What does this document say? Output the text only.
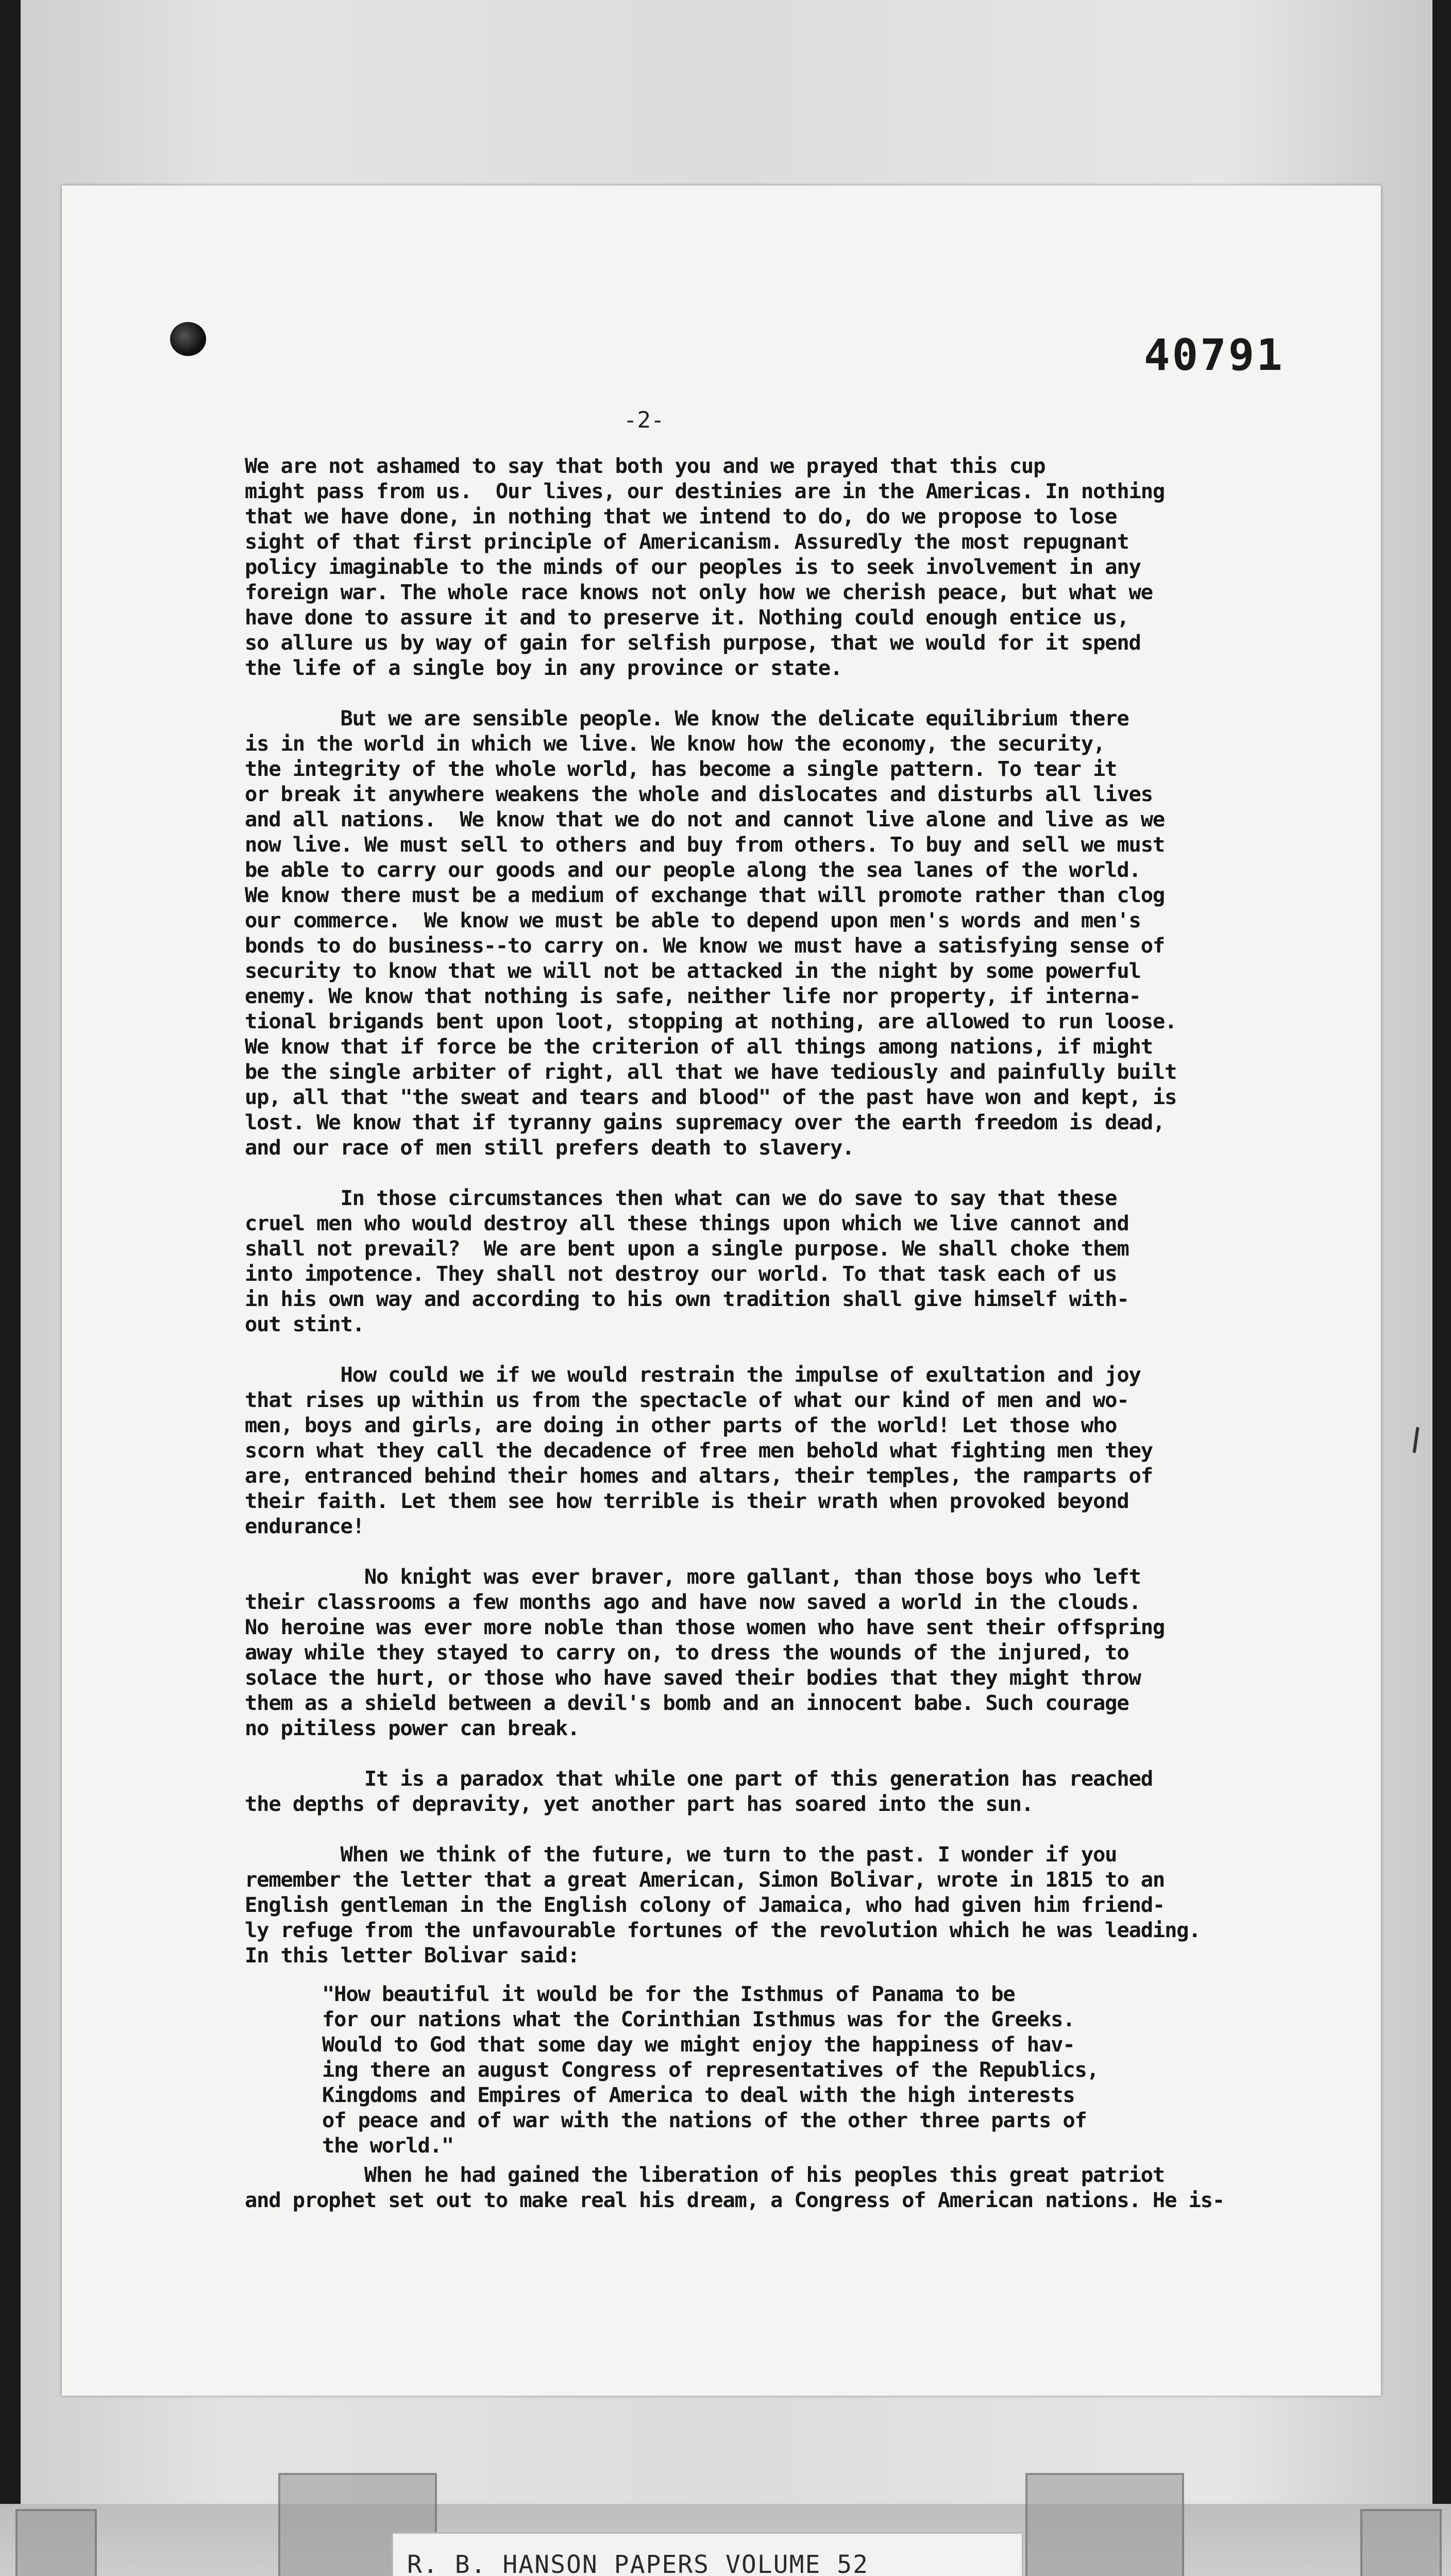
40791
-2-
We are not ashamed to say that both you and we prayed that this cup
might pass from us.  Our lives, our destinies are in the Americas. In nothing
that we have done, in nothing that we intend to do, do we propose to lose
sight of that first principle of Americanism. Assuredly the most repugnant
policy imaginable to the minds of our peoples is to seek involvement in any
foreign war. The whole race knows not only how we cherish peace, but what we
have done to assure it and to preserve it. Nothing could enough entice us,
so allure us by way of gain for selfish purpose, that we would for it spend
the life of a single boy in any province or state.
But we are sensible people. We know the delicate equilibrium there
is in the world in which we live. We know how the economy, the security,
the integrity of the whole world, has become a single pattern. To tear it
or break it anywhere weakens the whole and dislocates and disturbs all lives
and all nations.  We know that we do not and cannot live alone and live as we
now live. We must sell to others and buy from others. To buy and sell we must
be able to carry our goods and our people along the sea lanes of the world.
We know there must be a medium of exchange that will promote rather than clog
our commerce.  We know we must be able to depend upon men's words and men's
bonds to do business--to carry on. We know we must have a satisfying sense of
security to know that we will not be attacked in the night by some powerful
enemy. We know that nothing is safe, neither life nor property, if interna-
tional brigands bent upon loot, stopping at nothing, are allowed to run loose.
We know that if force be the criterion of all things among nations, if might
be the single arbiter of right, all that we have tediously and painfully built
up, all that "the sweat and tears and blood" of the past have won and kept, is
lost. We know that if tyranny gains supremacy over the earth freedom is dead,
and our race of men still prefers death to slavery.
In those circumstances then what can we do save to say that these
cruel men who would destroy all these things upon which we live cannot and
shall not prevail?  We are bent upon a single purpose. We shall choke them
into impotence. They shall not destroy our world. To that task each of us
in his own way and according to his own tradition shall give himself with-
out stint.
How could we if we would restrain the impulse of exultation and joy
that rises up within us from the spectacle of what our kind of men and wo-
men, boys and girls, are doing in other parts of the world! Let those who
scorn what they call the decadence of free men behold what fighting men they
are, entranced behind their homes and altars, their temples, the ramparts of
their faith. Let them see how terrible is their wrath when provoked beyond
endurance!
No knight was ever braver, more gallant, than those boys who left
their classrooms a few months ago and have now saved a world in the clouds.
No heroine was ever more noble than those women who have sent their offspring
away while they stayed to carry on, to dress the wounds of the injured, to
solace the hurt, or those who have saved their bodies that they might throw
them as a shield between a devil's bomb and an innocent babe. Such courage
no pitiless power can break.
It is a paradox that while one part of this generation has reached
the depths of depravity, yet another part has soared into the sun.
When we think of the future, we turn to the past. I wonder if you
remember the letter that a great American, Simon Bolivar, wrote in 1815 to an
English gentleman in the English colony of Jamaica, who had given him friend-
ly refuge from the unfavourable fortunes of the revolution which he was leading.
In this letter Bolivar said:
"How beautiful it would be for the Isthmus of Panama to be
for our nations what the Corinthian Isthmus was for the Greeks.
Would to God that some day we might enjoy the happiness of hav-
ing there an august Congress of representatives of the Republics,
Kingdoms and Empires of America to deal with the high interests
of peace and of war with the nations of the other three parts of
the world."
When he had gained the liberation of his peoples this great patriot
and prophet set out to make real his dream, a Congress of American nations. He is-
R. B. HANSON PAPERS VOLUME 52
